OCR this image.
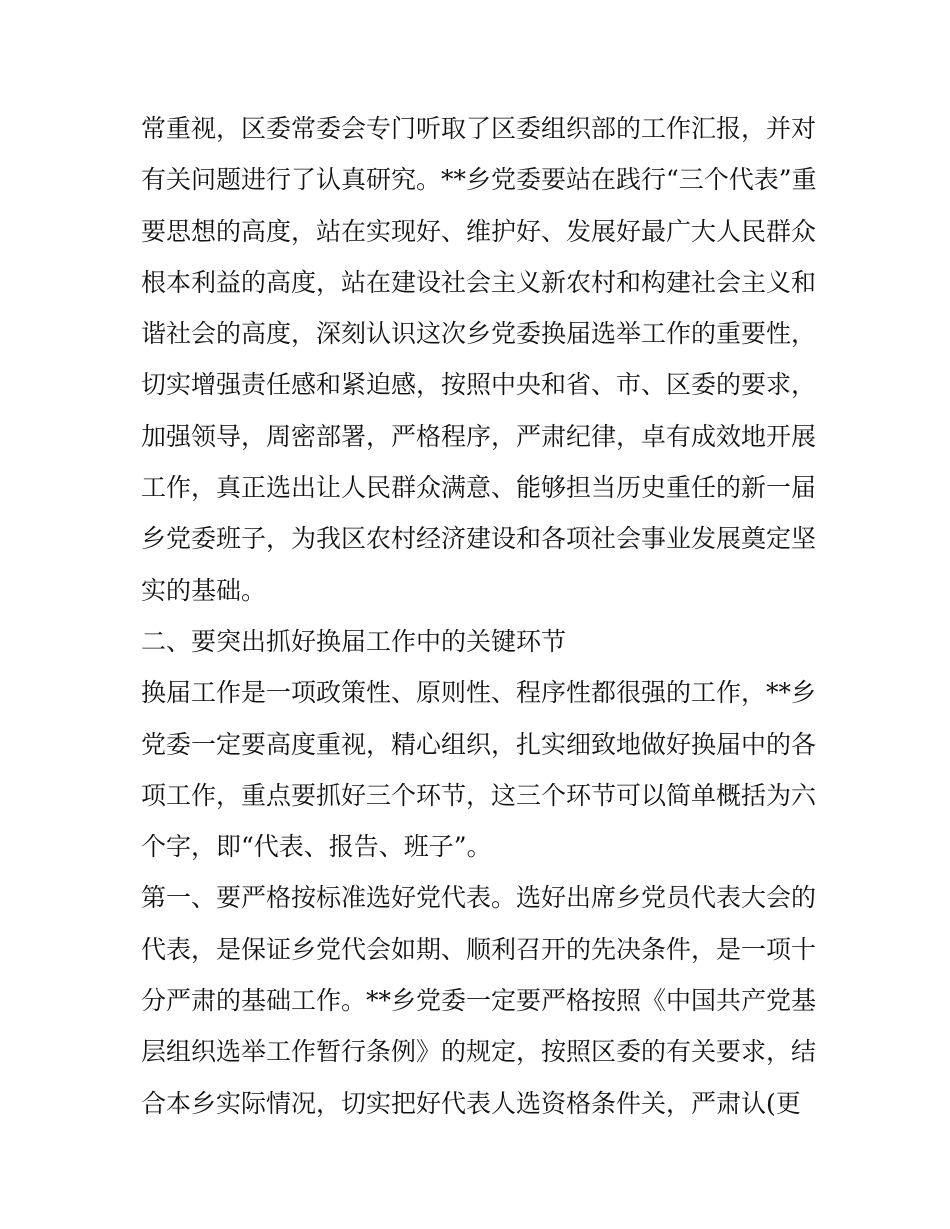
常重视，区委常委会专门听取了区委组织部的工作汇报，并对
有关问题进行了认真研究。**乡党委要站在践行“三个代表”重
要思想的高度，站在实现好、维护好、发展好最广大人民群众
根本利益的高度，站在建设社会主义新农村和构建社会主义和
谐社会的高度，深刻认识这次乡党委换届选举工作的重要性，
切实增强责任感和紧迫感，按照中央和省、市、区委的要求，
加强领导，周密部署，严格程序，严肃纪律，卓有成效地开展
工作，真正选出让人民群众满意、能够担当历史重任的新一届
乡党委班子，为我区农村经济建设和各项社会事业发展奠定坚
实的基础。
二、要突出抓好换届工作中的关键环节
换届工作是一项政策性、原则性、程序性都很强的工作，**乡
党委一定要高度重视，精心组织，扎实细致地做好换届中的各
项工作，重点要抓好三个环节，这三个环节可以简单概括为六
个字，即“代表、报告、班子”。
第一、要严格按标准选好党代表。选好出席乡党员代表大会的
代表，是保证乡党代会如期、顺利召开的先决条件，是一项十
分严肃的基础工作。**乡党委一定要严格按照《中国共产党基
层组织选举工作暂行条例》的规定，按照区委的有关要求，结
合本乡实际情况，切实把好代表人选资格条件关，严肃认(更
